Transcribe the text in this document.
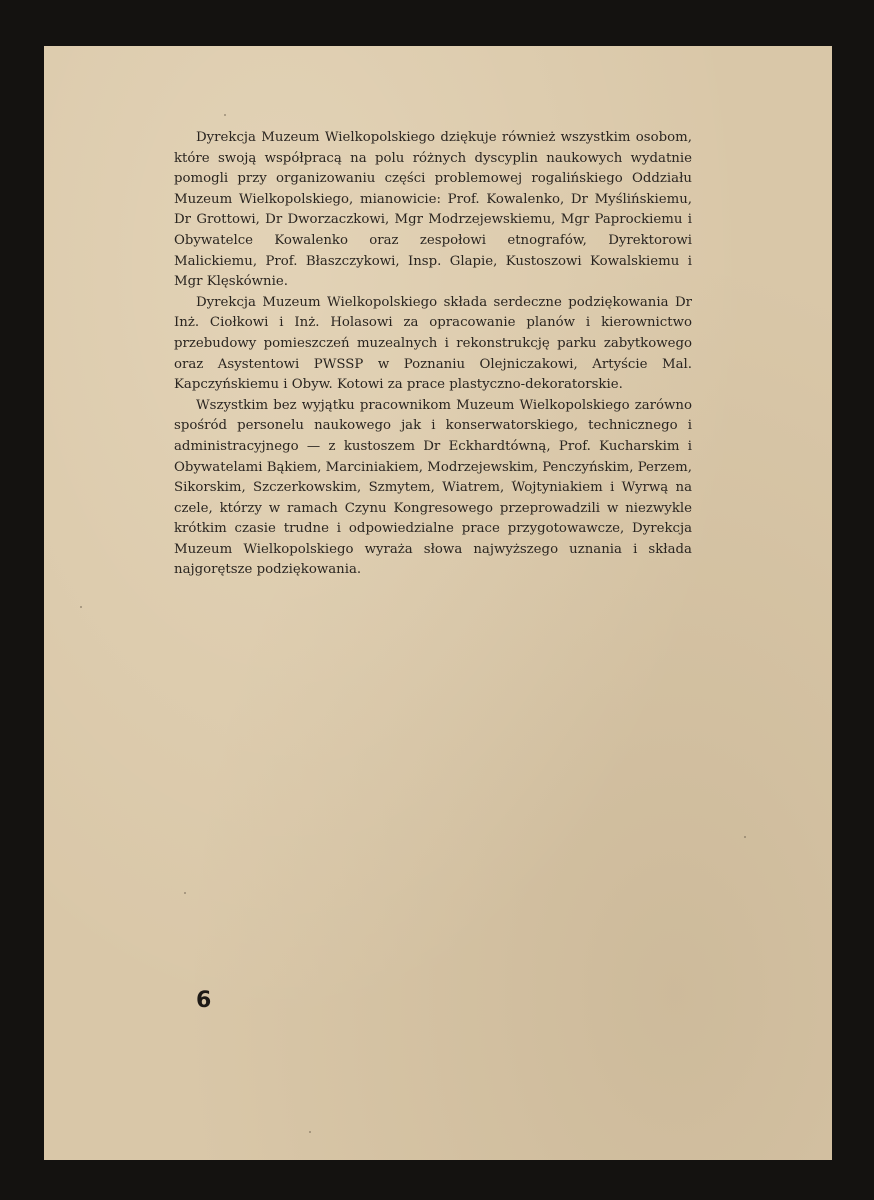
Dyrekcja Muzeum Wielkopolskiego dziękuje również wszystkim osobom, które swoją współpracą na polu różnych dyscyplin naukowych wydatnie pomogli przy organizowaniu części problemowej rogalińskiego Oddziału Muzeum Wielkopolskiego, mianowicie: Prof. Kowalenko, Dr Myślińskiemu, Dr Grottowi, Dr Dworzaczkowi, Mgr Modrzejewskiemu, Mgr Paprockiemu i Obywatelce Kowalenko oraz zespołowi etnografów, Dyrektorowi Malickiemu, Prof. Błaszczykowi, Insp. Glapie, Kustoszowi Kowalskiemu i Mgr Klęskównie.

Dyrekcja Muzeum Wielkopolskiego składa serdeczne podziękowania Dr Inż. Ciołkowi i Inż. Holasowi za opracowanie planów i kierownictwo przebudowy pomieszczeń muzealnych i rekonstrukcję parku zabytkowego oraz Asystentowi PWSSP w Poznaniu Olejniczakowi, Artyście Mal. Kapczyńskiemu i Obyw. Kotowi za prace plastyczno-dekoratorskie.

Wszystkim bez wyjątku pracownikom Muzeum Wielkopolskiego zarówno spośród personelu naukowego jak i konserwatorskiego, technicznego i administracyjnego — z kustoszem Dr Eckhardtówną, Prof. Kucharskim i Obywatelami Bąkiem, Marciniakiem, Modrzejewskim, Penczyńskim, Perzem, Sikorskim, Szczerkowskim, Szmytem, Wiatrem, Wojtyniakiem i Wyrwą na czele, którzy w ramach Czynu Kongresowego przeprowadzili w niezwykle krótkim czasie trudne i odpowiedzialne prace przygotowawcze, Dyrekcja Muzeum Wielkopolskiego wyraża słowa najwyższego uznania i składa najgorętsze podziękowania.

6
